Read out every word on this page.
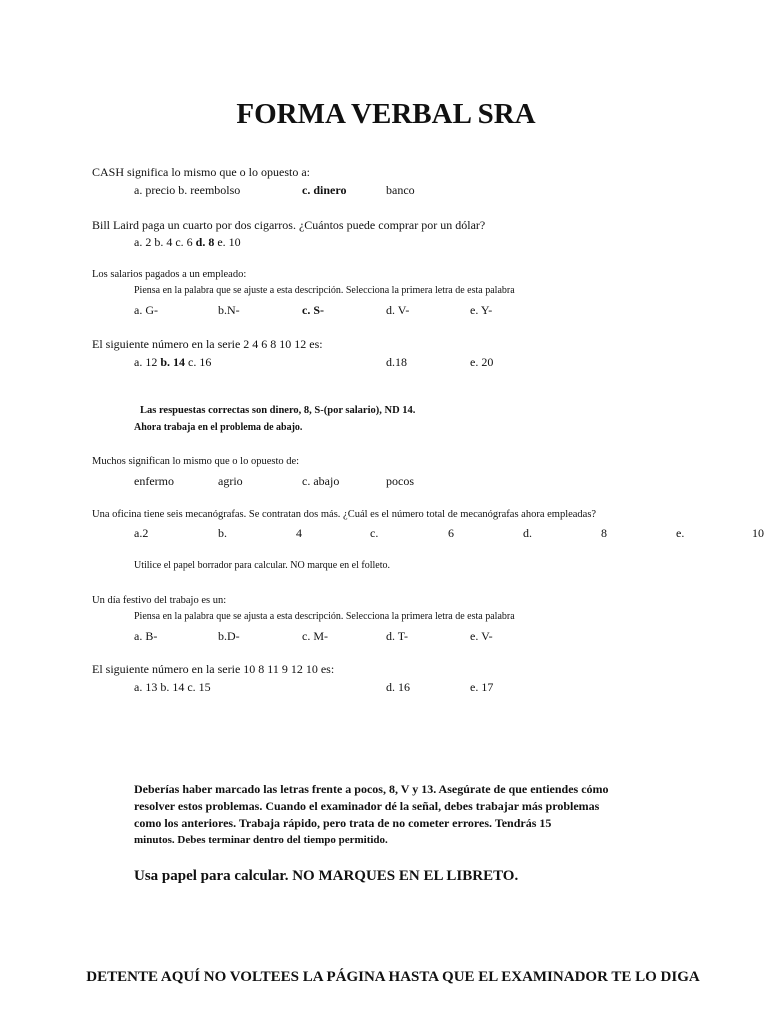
FORMA VERBAL SRA
CASH significa lo mismo que o lo opuesto a:
a. precio b. reembolso	c. dinero	banco
Bill Laird paga un cuarto por dos cigarros. ¿Cuántos puede comprar por un dólar?
a. 2 b. 4 c. 6 d. 8 e. 10
Los salarios pagados a un empleado:
Piensa en la palabra que se ajuste a esta descripción. Selecciona la primera letra de esta palabra
a. G-	b.N-	c. S-	d. V-	e. Y-
El siguiente número en la serie 2 4 6 8 10 12 es:
a. 12 b. 14 c. 16	d.18	e. 20
Las respuestas correctas son dinero, 8, S-(por salario), ND 14.
Ahora trabaja en el problema de abajo.
Muchos significan lo mismo que o lo opuesto de:
enfermo	agrio	c. abajo	pocos
Una oficina tiene seis mecanógrafas. Se contratan dos más. ¿Cuál es el número total de mecanógrafas ahora empleadas?
a.2	b.	4	c.	6	d.	8	e.	10
Utilice el papel borrador para calcular. NO marque en el folleto.
Un día festivo del trabajo es un:
Piensa en la palabra que se ajusta a esta descripción. Selecciona la primera letra de esta palabra
a. B-	b.D-	c. M-	d. T-	e. V-
El siguiente número en la serie 10 8 11 9 12 10 es:
a. 13 b. 14 c. 15	d. 16	e. 17
Deberías haber marcado las letras frente a pocos, 8, V y 13. Asegúrate de que entiendes cómo resolver estos problemas. Cuando el examinador dé la señal, debes trabajar más problemas como los anteriores. Trabaja rápido, pero trata de no cometer errores. Tendrás 15
minutos. Debes terminar dentro del tiempo permitido.
Usa papel para calcular. NO MARQUES EN EL LIBRETO.
DETENTE AQUÍ NO VOLTEES LA PÁGINA HASTA QUE EL EXAMINADOR TE LO DIGA
